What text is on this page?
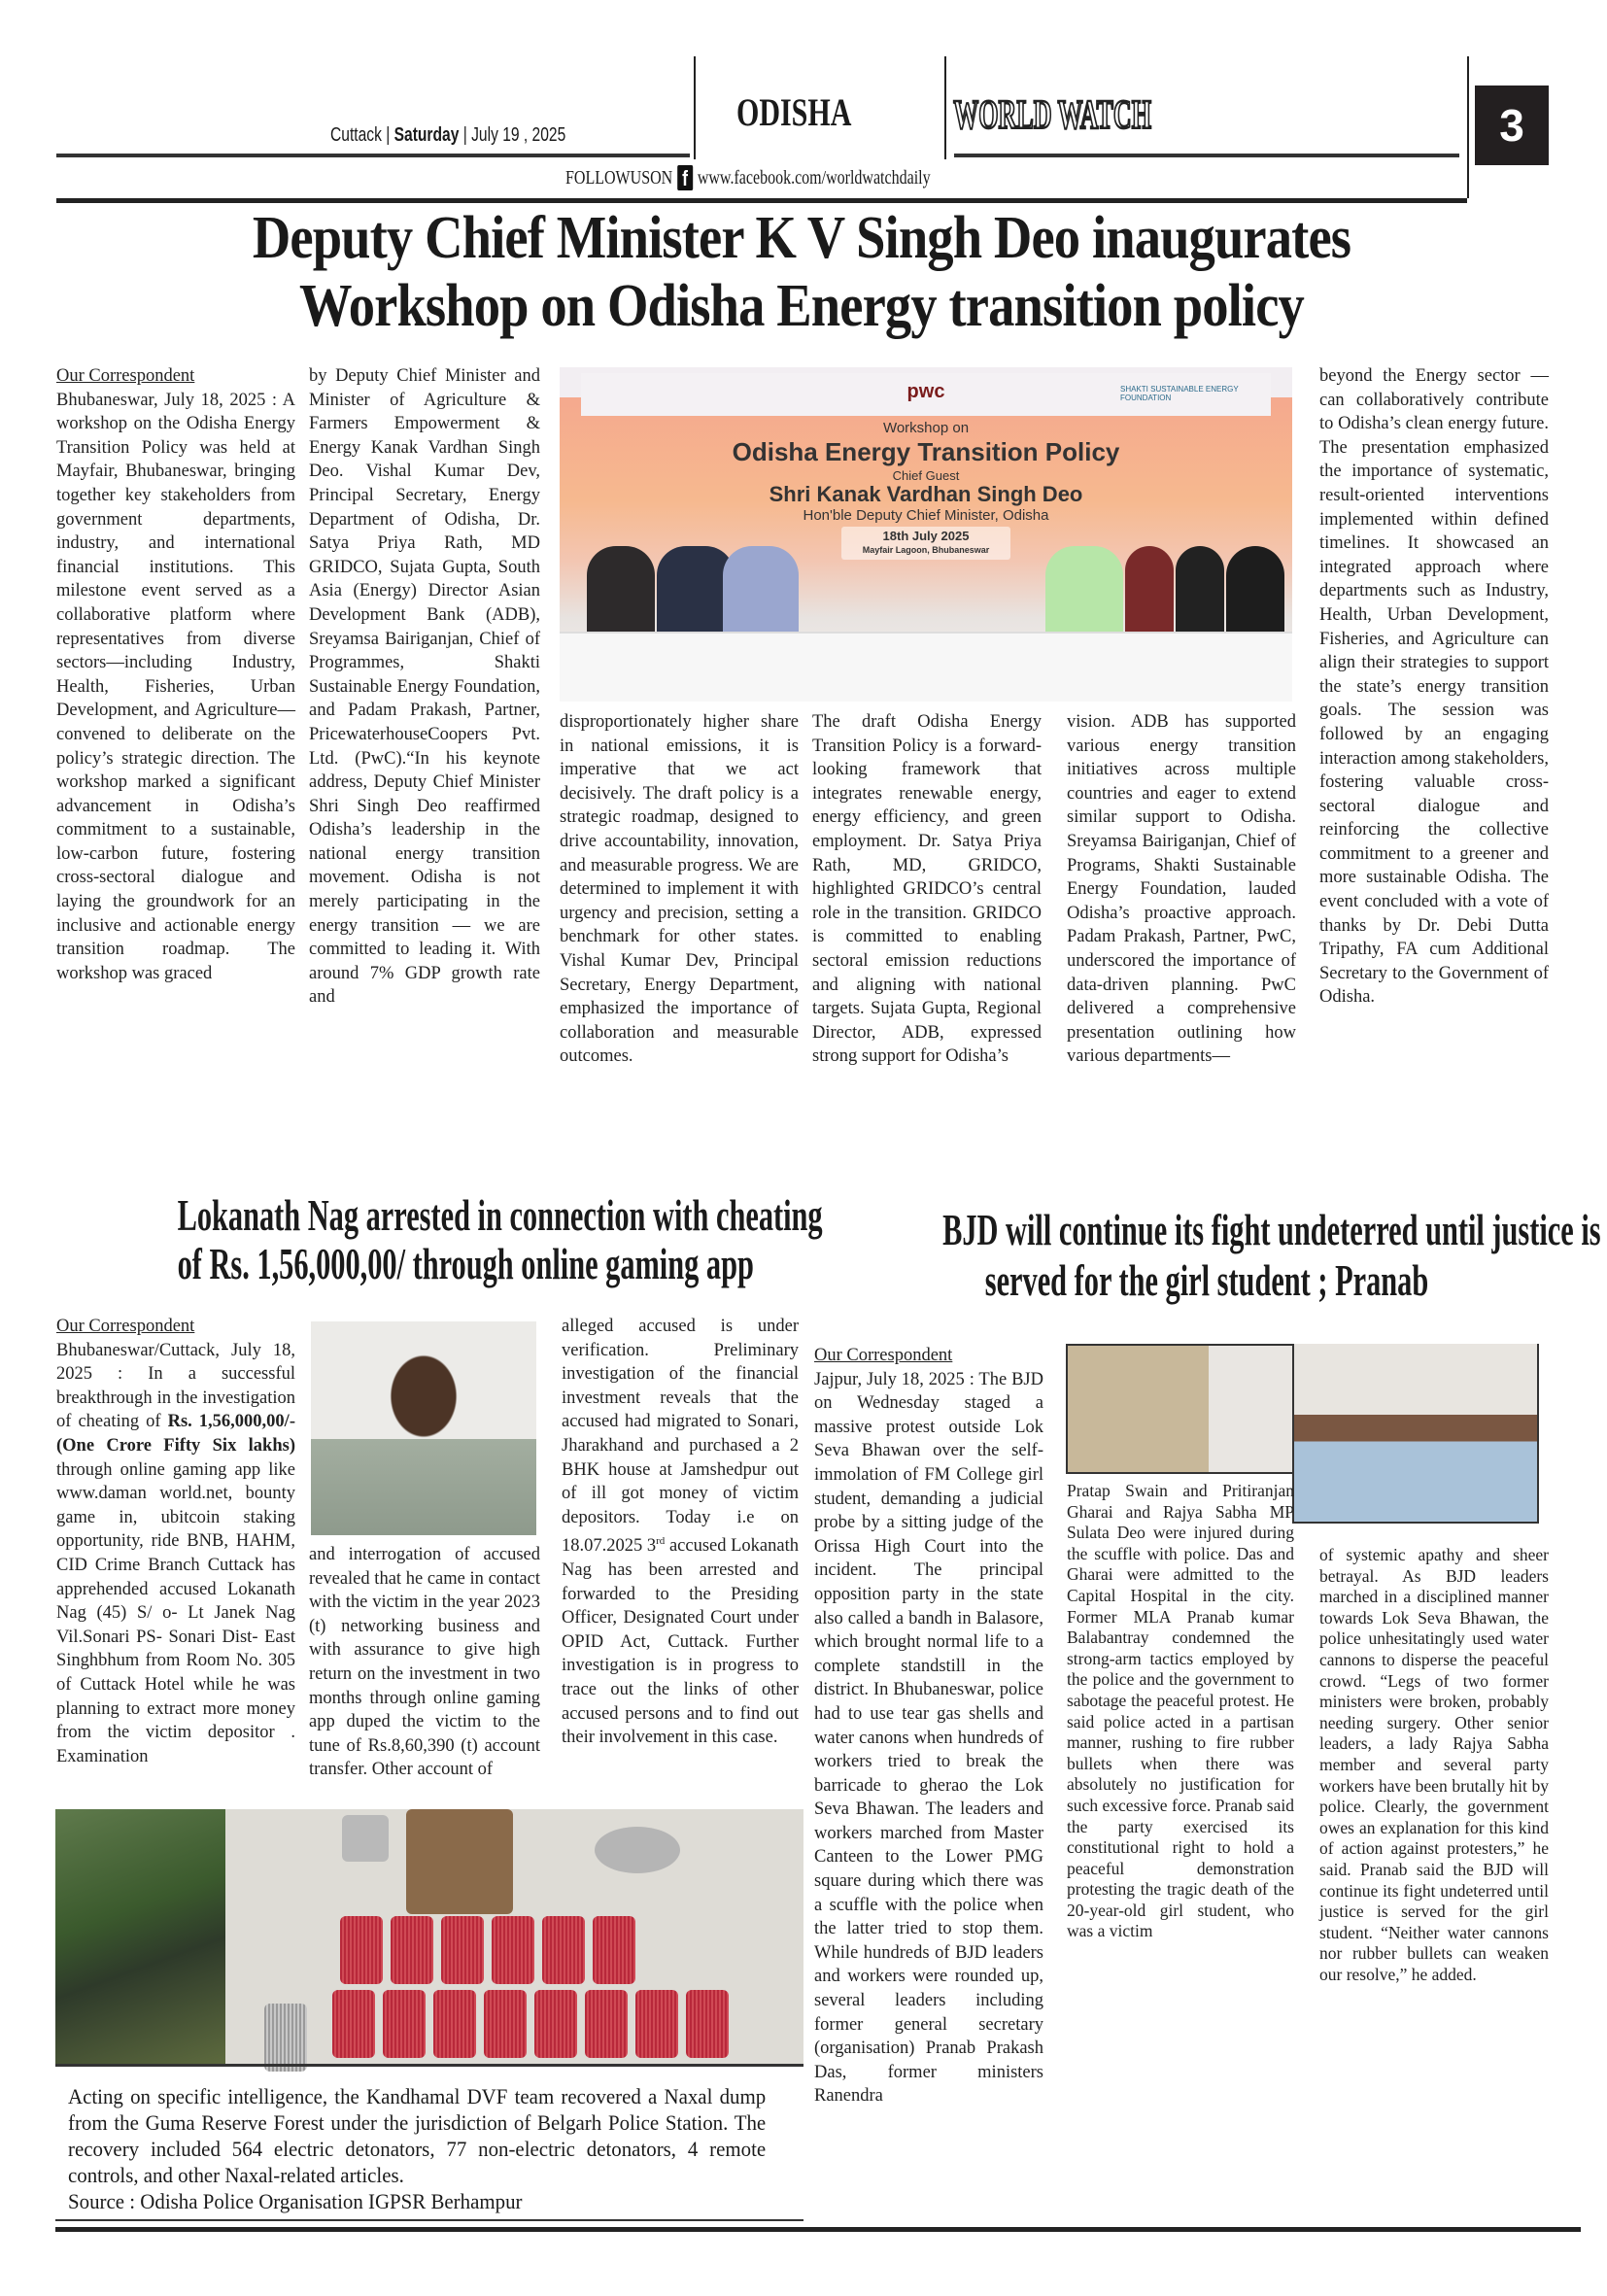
Cuttack | Saturday | July 19 , 2025
ODISHA WORLD WATCH	3
FOLLOWUSON f www.facebook.com/worldwatchdaily
Deputy Chief Minister K V Singh Deo inaugurates
Workshop on Odisha Energy transition policy

Our Correspondent

Bhubaneswar, July 18, 2025 : A workshop on the Odisha Energy Transition Policy was held at Mayfair, Bhubaneswar, bringing together key stakeholders from government departments, industry, and international financial institutions. This milestone event served as a collaborative platform where representatives from diverse sectors—including Industry, Health, Fisheries, Urban Development, and Agriculture—convened to deliberate on the policy’s strategic direction. The workshop marked a significant advancement in Odisha’s commitment to a sustainable, low-carbon future, fostering cross-sectoral dialogue and laying the groundwork for an inclusive and actionable energy transition roadmap. The workshop was graced

by Deputy Chief Minister and Minister of Agriculture & Farmers Empowerment & Energy Kanak Vardhan Singh Deo. Vishal Kumar Dev, Principal Secretary, Energy Department of Odisha, Dr. Satya Priya Rath, MD GRIDCO, Sujata Gupta, South Asia (Energy) Director Asian Development Bank (ADB), Sreyamsa Bairiganjan, Chief of Programmes, Shakti Sustainable Energy Foundation, and Padam Prakash, Partner, PricewaterhouseCoopers Pvt. Ltd. (PwC).“In his keynote address, Deputy Chief Minister Shri Singh Deo reaffirmed Odisha’s leadership in the national energy transition movement. Odisha is not merely participating in the energy transition — we are committed to leading it. With around 7% GDP growth rate and

pwc	SHAKTI SUSTAINABLE ENERGY FOUNDATION
Workshop on
Odisha Energy Transition Policy
Chief Guest
Shri Kanak Vardhan Singh Deo
Hon'ble Deputy Chief Minister, Odisha
18th July 2025
Mayfair Lagoon, Bhubaneswar

disproportionately higher share in national emissions, it is imperative that we act decisively. The draft policy is a strategic roadmap, designed to drive accountability, innovation, and measurable progress. We are determined to implement it with urgency and precision, setting a benchmark for other states. Vishal Kumar Dev, Principal Secretary, Energy Department, emphasized the importance of collaboration and measurable outcomes.

The draft Odisha Energy Transition Policy is a forward-looking framework that integrates renewable energy, energy efficiency, and green employment. Dr. Satya Priya Rath, MD, GRIDCO, highlighted GRIDCO’s central role in the transition. GRIDCO is committed to enabling sectoral emission reductions and aligning with national targets. Sujata Gupta, Regional Director, ADB, expressed strong support for Odisha’s

vision. ADB has supported various energy transition initiatives across multiple countries and eager to extend similar support to Odisha. Sreyamsa Bairiganjan, Chief of Programs, Shakti Sustainable Energy Foundation, lauded Odisha’s proactive approach. Padam Prakash, Partner, PwC, underscored the importance of data-driven planning. PwC delivered a comprehensive presentation outlining how various departments—

beyond the Energy sector — can collaboratively contribute to Odisha’s clean energy future. The presentation emphasized the importance of systematic, result-oriented interventions implemented within defined timelines. It showcased an integrated approach where departments such as Industry, Health, Urban Development, Fisheries, and Agriculture can align their strategies to support the state’s energy transition goals. The session was followed by an engaging interaction among stakeholders, fostering valuable cross-sectoral dialogue and reinforcing the collective commitment to a greener and more sustainable Odisha. The event concluded with a vote of thanks by Dr. Debi Dutta Tripathy, FA cum Additional Secretary to the Government of Odisha.

Lokanath Nag arrested in connection with cheating
of Rs. 1,56,000,00/ through online gaming app

Our Correspondent

Bhubaneswar/Cuttack, July 18, 2025 : In a successful breakthrough in the investigation of cheating of Rs. 1,56,000,00/- (One Crore Fifty Six lakhs) through online gaming app like www.daman world.net, bounty game in, ubitcoin staking opportunity, ride BNB, HAHM, CID Crime Branch Cuttack has apprehended accused Lokanath Nag (45) S/ o- Lt Janek Nag Vil.Sonari PS- Sonari Dist- East Singhbhum from Room No. 305 of Cuttack Hotel while he was planning to extract more money from the victim depositor . Examination

and interrogation of accused revealed that he came in contact with the victim in the year 2023 (t) networking business and with assurance to give high return on the investment in two months through online gaming app duped the victim to the tune of Rs.8,60,390 (t) account transfer. Other account of

alleged accused is under verification. Preliminary investigation of the financial investment reveals that the accused had migrated to Sonari, Jharakhand and purchased a 2 BHK house at Jamshedpur out of ill got money of victim depositors. Today i.e on 18.07.2025 3rd accused Lokanath Nag has been arrested and forwarded to the Presiding Officer, Designated Court under OPID Act, Cuttack. Further investigation is in progress to trace out the links of other accused persons and to find out their involvement in this case.

Acting on specific intelligence, the Kandhamal DVF team recovered a Naxal dump from the Guma Reserve Forest under the jurisdiction of Belgarh Police Station. The recovery included 564 electric detonators, 77 non-electric detonators, 4 remote controls, and other Naxal-related articles.

Source : Odisha Police Organisation IGPSR Berhampur

BJD will continue its fight undeterred until justice is
served for the girl student ; Pranab

Our Correspondent

Jajpur, July 18, 2025 : The BJD on Wednesday staged a massive protest outside Lok Seva Bhawan over the self-immolation of FM College girl student, demanding a judicial probe by a sitting judge of the Orissa High Court into the incident. The principal opposition party in the state also called a bandh in Balasore, which brought normal life to a complete standstill in the district. In Bhubaneswar, police had to use tear gas shells and water canons when hundreds of workers tried to break the barricade to gherao the Lok Seva Bhawan. The leaders and workers marched from Master Canteen to the Lower PMG square during which there was a scuffle with the police when the latter tried to stop them. While hundreds of BJD leaders and workers were rounded up, several leaders including former general secretary (organisation) Pranab Prakash Das, former ministers Ranendra

Pratap Swain and Pritiranjan Gharai and Rajya Sabha MP Sulata Deo were injured during the scuffle with police. Das and Gharai were admitted to the Capital Hospital in the city. Former MLA Pranab kumar Balabantray condemned the strong-arm tactics employed by the police and the government to sabotage the peaceful protest. He said police acted in a partisan manner, rushing to fire rubber bullets when there was absolutely no justification for such excessive force. Pranab said the party exercised its constitutional right to hold a peaceful demonstration protesting the tragic death of the 20-year-old girl student, who was a victim

of systemic apathy and sheer betrayal. As BJD leaders marched in a disciplined manner towards Lok Seva Bhawan, the police unhesitatingly used water cannons to disperse the peaceful crowd. “Legs of two former ministers were broken, probably needing surgery. Other senior leaders, a lady Rajya Sabha member and several party workers have been brutally hit by police. Clearly, the government owes an explanation for this kind of action against protesters,” he said. Pranab said the BJD will continue its fight undeterred until justice is served for the girl student. “Neither water cannons nor rubber bullets can weaken our resolve,” he added.
